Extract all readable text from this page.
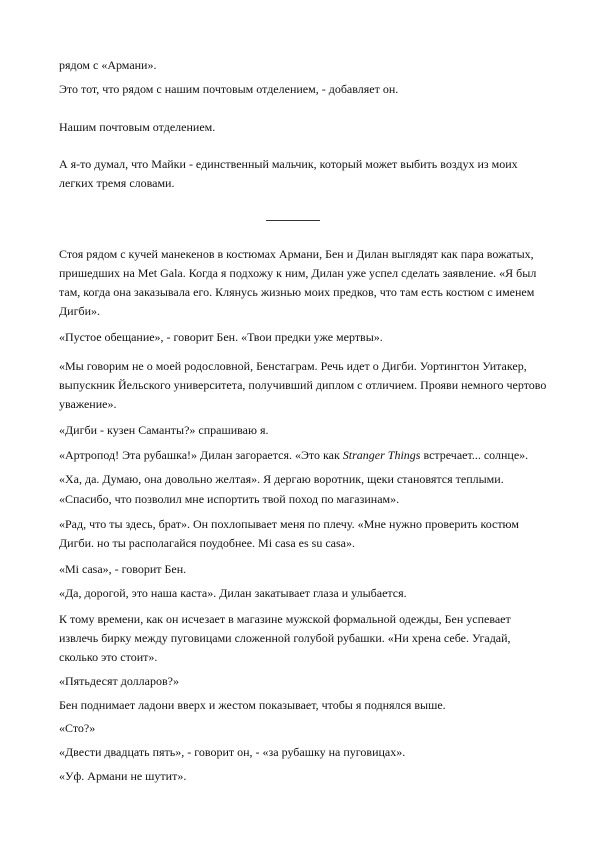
рядом с «Армани».

Это тот, что рядом с нашим почтовым отделением, - добавляет он.

Нашим почтовым отделением.

А я-то думал, что Майки - единственный мальчик, который может выбить воздух из моих легких тремя словами.

Стоя рядом с кучей манекенов в костюмах Армани, Бен и Дилан выглядят как пара вожатых, пришедших на Met Gala. Когда я подхожу к ним, Дилан уже успел сделать заявление. «Я был там, когда она заказывала его. Клянусь жизнью моих предков, что там есть костюм с именем Дигби».

«Пустое обещание», - говорит Бен. «Твои предки уже мертвы».

«Мы говорим не о моей родословной, Бенстаграм. Речь идет о Дигби. Уортингтон Уитакер, выпускник Йельского университета, получивший диплом с отличием. Прояви немного чертово уважение».

«Дигби - кузен Саманты?» спрашиваю я.

«Артропод! Эта рубашка!» Дилан загорается. «Это как Stranger Things встречает... солнце».

«Хa, да. Думаю, она довольно желтая». Я дергаю воротник, щеки становятся теплыми.

«Спасибо, что позволил мне испортить твой поход по магазинам».

«Рад, что ты здесь, брат». Он похлопывает меня по плечу. «Мне нужно проверить костюм Дигби. но ты располагайся поудобнее. Mi casa es su casa».

«Mi casa», - говорит Бен.

«Да, дорогой, это наша каста». Дилан закатывает глаза и улыбается.

К тому времени, как он исчезает в магазине мужской формальной одежды, Бен успевает извлечь бирку между пуговицами сложенной голубой рубашки. «Ни хрена себе. Угадай, сколько это стоит».

«Пятьдесят долларов?»

Бен поднимает ладони вверх и жестом показывает, чтобы я поднялся выше.

«Сто?»

«Двести двадцать пять», - говорит он, - «за рубашку на пуговицах».

«Уф. Армани не шутит».
